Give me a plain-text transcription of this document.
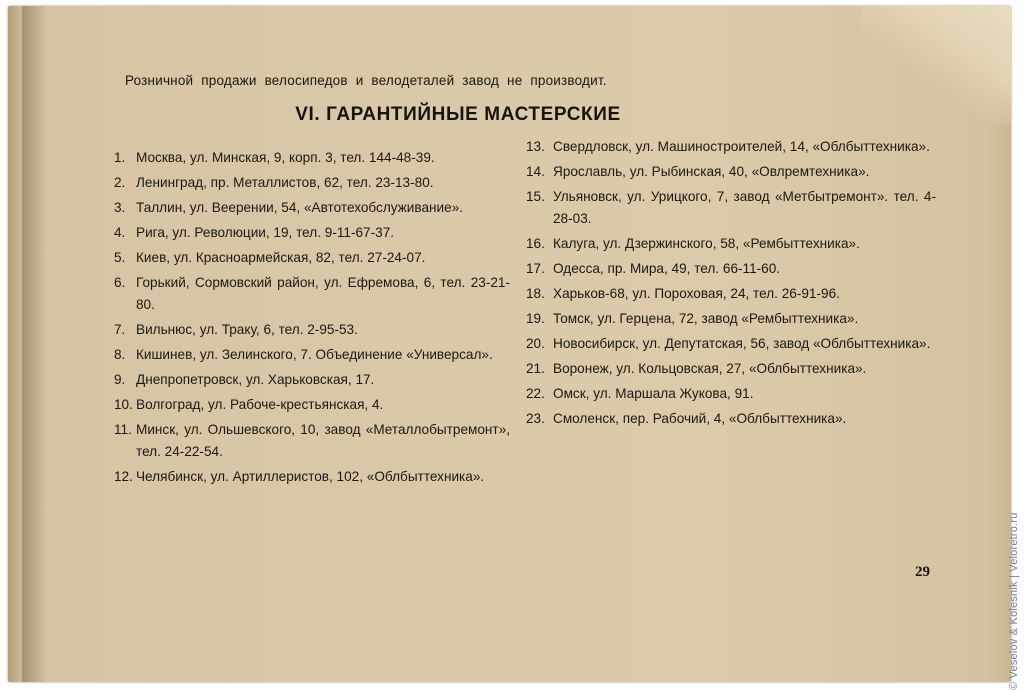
Розничной продажи велосипедов и велодеталей завод не производит.
VI. ГАРАНТИЙНЫЕ МАСТЕРСКИЕ
1. Москва, ул. Минская, 9, корп. 3, тел. 144-48-39.
2. Ленинград, пр. Металлистов, 62, тел. 23-13-80.
3. Таллин, ул. Веерении, 54, «Автотехобслуживание».
4. Рига, ул. Революции, 19, тел. 9-11-67-37.
5. Киев, ул. Красноармейская, 82, тел. 27-24-07.
6. Горький, Сормовский район, ул. Ефремова, 6, тел. 23-21-80.
7. Вильнюс, ул. Траку, 6, тел. 2-95-53.
8. Кишинев, ул. Зелинского, 7. Объединение «Универсал».
9. Днепропетровск, ул. Харьковская, 17.
10. Волгоград, ул. Рабоче-крестьянская, 4.
11. Минск, ул. Ольшевского, 10, завод «Металлобытремонт», тел. 24-22-54.
12. Челябинск, ул. Артиллеристов, 102, «Облбыттехника».
13. Свердловск, ул. Машиностроителей, 14, «Облбыттехника».
14. Ярославль, ул. Рыбинская, 40, «Овлремтехника».
15. Ульяновск, ул. Урицкого, 7, завод «Метбытремонт». тел. 4-28-03.
16. Калуга, ул. Дзержинского, 58, «Рембыттехника».
17. Одесса, пр. Мира, 49, тел. 66-11-60.
18. Харьков-68, ул. Пороховая, 24, тел. 26-91-96.
19. Томск, ул. Герцена, 72, завод «Рембыттехника».
20. Новосибирск, ул. Депутатская, 56, завод «Облбыттехника».
21. Воронеж, ул. Кольцовская, 27, «Облбыттехника».
22. Омск, ул. Маршала Жукова, 91.
23. Смоленск, пер. Рабочий, 4, «Облбыттехника».
29	© Veselov & Kolesnik | Veloretro.ru
